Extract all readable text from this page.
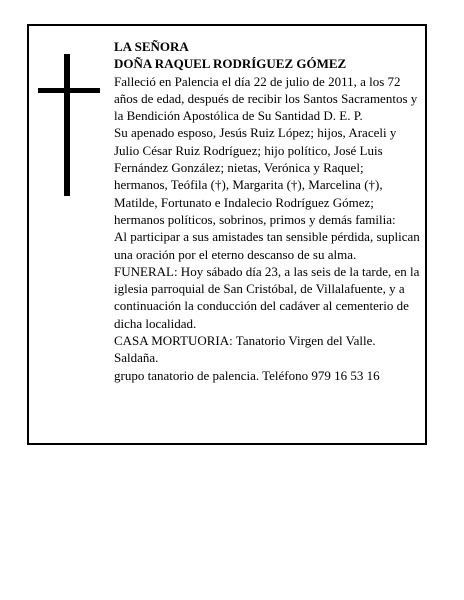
LA SEÑORA

DOÑA RAQUEL RODRÍGUEZ GÓMEZ

Falleció en Palencia el día 22 de julio de 2011, a los 72 años de edad, después de recibir los Santos Sacramentos y la Bendición Apostólica de Su Santidad D. E. P.

Su apenado esposo, Jesús Ruiz López; hijos, Araceli y Julio César Ruiz Rodríguez; hijo político, José Luis Fernández González; nietas, Verónica y Raquel; hermanos, Teófila (†), Margarita (†), Marcelina (†), Matilde, Fortunato e Indalecio Rodríguez Gómez; hermanos políticos, sobrinos, primos y demás familia:

Al participar a sus amistades tan sensible pérdida, suplican una oración por el eterno descanso de su alma.

FUNERAL: Hoy sábado día 23, a las seis de la tarde, en la iglesia parroquial de San Cristóbal, de Villalafuente, y a continuación la conducción del cadáver al cementerio de dicha localidad.

CASA MORTUORIA: Tanatorio Virgen del Valle. Saldaña.

grupo tanatorio de palencia. Teléfono 979 16 53 16
